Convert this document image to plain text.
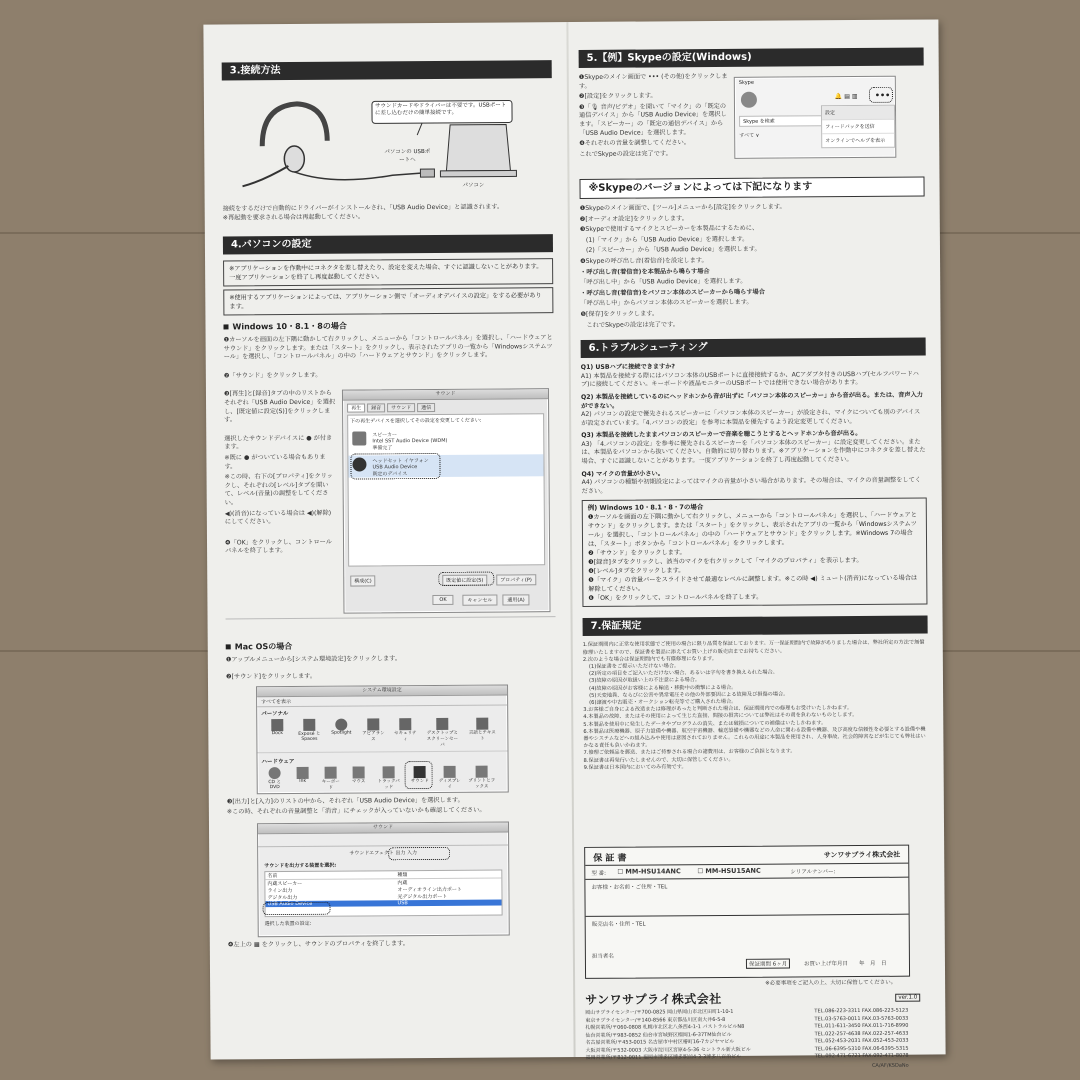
3.接続方法
サウンドカードやドライバーは不要です。USBポートに差し込むだけの簡単接続です。
パソコンの USBポートへ
パソコン
接続をするだけで自動的にドライバーがインストールされ、「USB Audio Device」と認識されます。
※再起動を要求される場合は再起動してください。
4.パソコンの設定
※アプリケーションを作動中にコネクタを差し替えたり、設定を変えた場合、すぐに認識しないことがあります。一度アプリケーションを終了し再度起動してください。
※使用するアプリケーションによっては、アプリケーション側で「オーディオデバイスの設定」をする必要があります。
Windows 10・8.1・8の場合
❶カーソルを画面の左下隅に動かして右クリックし、メニューから「コントロールパネル」を選択し、「ハードウェアとサウンド」をクリックします。または「スタート」をクリックし、表示されたアプリの一覧から「Windowsシステムツール」を選択し、「コントロールパネル」の中の「ハードウェアとサウンド」をクリックします。
❷「サウンド」をクリックします。
❸[再生]と[録音]タブの中のリストからそれぞれ「USB Audio Device」を選択し、[既定値に設定(S)]をクリックします。
選択したサウンドデバイスに ● が付きます。
※既に ● がついている場合もあります。
※この時、右下の[プロパティ]をクリックし、それぞれの[レベル]タブを開いて、レベル(音量)の調整をしてください。
◀)(消音)になっている場合は ◀)(解除)にしてください。
❹「OK」をクリックし、コントロールパネルを終了します。
サウンド
再生	録音	サウンド	通信
下の再生デバイスを選択してその設定を変更してください:
スピーカー
Intel SST Audio Device (WDM)
準備完了
ヘッドセット イヤフォン
USB Audio Device
既定のデバイス
構成(C)	既定値に設定(S)	プロパティ(P)
OK	キャンセル	適用(A)
Mac OSの場合
❶アップルメニューから[システム環境設定]をクリックします。
❷[サウンド]をクリックします。
システム環境設定
すべてを表示
パーソナル
Dock	Exposé と Spaces
Spotlight	アピアランス
セキュリティ
デスクトップとスクリーンセーバ
言語とテキスト
ハードウェア
CD と DVD
Ink	キーボード
マウス	トラックパッド
サウンド	ディスプレイ
プリントとファクス
❸[出力]と[入力]のリストの中から、それぞれ「USB Audio Device」を選択します。
※この時、それぞれの音量調整と「消音」にチェックが入っていないかも確認してください。
サウンド
サウンドエフェクト 出力 入力
サウンドを出力する装置を選択:
名前	種類
内蔵スピーカー	内蔵
ライン出力	オーディオライン出力ポート
デジタル出力	光デジタル出力ポート
USB Audio Device	USB
選択した装置の設定:
❹左上の ▦ をクリックし、サウンドのプロパティを終了します。
5.【例】Skypeの設定(Windows)
❶Skypeのメイン画面で ••• (その他)をクリックします。
❷[設定]をクリックします。
❸「🎙 音声/ビデオ」を開いて「マイク」の「既定の通信デバイス」から「USB Audio Device」を選択します。「スピーカー」の「既定の通信デバイス」から「USB Audio Device」を選択します。
❹それぞれの音量を調整してください。
これでSkypeの設定は完了です。
Skype
🔔 ▤ ▥ •••
Skype を検索
すべて ∨
設定
フィードバックを送信
オンラインでヘルプを表示
※Skypeのバージョンによっては下記になります
❶Skypeのメイン画面で、[ツール]メニューから[設定]をクリックします。
❷[オーディオ設定]をクリックします。
❸Skypeで使用するマイクとスピーカーを本製品にするために、
(1)「マイク」から「USB Audio Device」を選択します。
(2)「スピーカー」から「USB Audio Device」を選択します。
❹Skypeの呼び出し音(着信音)を設定します。
・呼び出し音(着信音)を本製品から鳴らす場合
「呼び出し中」から「USB Audio Device」を選択します。
・呼び出し音(着信音)をパソコン本体のスピーカーから鳴らす場合
「呼び出し中」からパソコン本体のスピーカーを選択します。
❺[保存]をクリックします。
これでSkypeの設定は完了です。
6.トラブルシューティング
Q1) USBハブに接続できますか?
A1) 本製品を接続する際にはパソコン本体のUSBポートに直接接続するか、ACアダプタ付きのUSBハブ(セルフパワードハブ)に接続してください。キーボードや液晶モニターのUSBポートでは使用できない場合があります。
Q2) 本製品を接続しているのにヘッドホンから音が出ずに「パソコン本体のスピーカー」から音が出る。または、音声入力ができない。
A2) パソコンの設定で優先されるスピーカーに「パソコン本体のスピーカー」が設定され、マイクについても別のデバイスが設定されています。「4.パソコンの設定」を参考に本製品を優先するよう設定変更してください。
Q3) 本製品を接続したままパソコンのスピーカーで音楽を聴こうとするとヘッドホンから音が出る。
A3) 「4.パソコンの設定」を参考に優先されるスピーカーを「パソコン本体のスピーカー」に設定変更してください。または、本製品をパソコンから抜いてください。自動的に切り替わります。※アプリケーションを作動中にコネクタを差し替えた場合、すぐに認識しないことがあります。一度アプリケーションを終了し再度起動してください。
Q4) マイクの音量が小さい。
A4) パソコンの種類や初期設定によってはマイクの音量が小さい場合があります。その場合は、マイクの音量調整をしてください。
例) Windows 10・8.1・8・7の場合
❶カーソルを画面の左下隅に動かして右クリックし、メニューから「コントロールパネル」を選択し、「ハードウェアとサウンド」をクリックします。または「スタート」をクリックし、表示されたアプリの一覧から「Windowsシステムツール」を選択し、「コントロールパネル」の中の「ハードウェアとサウンド」をクリックします。※Windows 7の場合は、「スタート」ボタンから「コントロールパネル」をクリックします。
❷「サウンド」をクリックします。
❸[録音]タブをクリックし、該当のマイクを右クリックして「マイクのプロパティ」を表示します。
❹[レベル]タブをクリックします。
❺「マイク」の音量バーをスライドさせて最適なレベルに調整します。※この時 ◀) ミュート(消音)になっている場合は解除してください。
❻「OK」をクリックして、コントロールパネルを終了します。
7.保証規定
1.保証期間内に正常な使用状態でご使用の場合に限り品質を保証しております。万一保証期間内で故障がありました場合は、弊社所定の方法で無償修理いたしますので、保証書を製品に添えてお買い上げの販売店までお持ちください。
2.次のような場合は保証期間内でも有償修理になります。
(1)保証書をご提示いただけない場合。
(2)所定の項目をご記入いただけない場合、あるいは字句を書き換えられた場合。
(3)故障の原因が取扱い上の不注意による場合。
(4)故障の原因がお客様による輸送・移動中の衝撃による場合。
(5)天変地異、ならびに公害や異常電圧その他の外部要因による故障及び損傷の場合。
(6)譲渡や中古販売・オークション転売等でご購入された場合。
3.お客様ご自身による改造または修理があったと判断された場合は、保証期間内での修理もお受けいたしかねます。
4.本製品の故障、またはその使用によって生じた直接、間接の損害については弊社はその責を負わないものとします。
5.本製品を使用中に発生したデータやプログラムの消失、または破損についての補償はいたしかねます。
6.本製品は医療機器、原子力設備や機器、航空宇宙機器、輸送設備や機器などの人命に関わる設備や機器、及び高度な信頼性を必要とする設備や機器やシステムなどへの組み込みや使用は意図されておりません。これらの用途に本製品を使用され、人身事故、社会的障害などが生じても弊社はいかなる責任も負いかねます。
7.修理ご依頼品を郵送、またはご持参される場合の諸費用は、お客様のご負担となります。
8.保証書は再発行いたしませんので、大切に保管してください。
9.保証書は日本国内においてのみ有効です。
保 証 書	サンワサプライ株式会社
型 番: ☐ MM-HSU14ANC	☐ MM-HSU15ANC	シリアルナンバー:
お客様・お名前・ご住所・TEL
販売店名・住所・TEL
担当者名
保証期間 6ヶ月	お買い上げ年月日　　年　月　日
※必要事項をご記入の上、大切に保管してください。
サンワサプライ株式会社	ver.1.0
岡山サプライセンター/〒700-0825 岡山県岡山市北区田町1-10-1	TEL.086-223-3311 FAX.086-223-5123
東京サプライセンター/〒140-8566 東京都品川区南大井6-5-8	TEL.03-5763-0011 FAX.03-5763-0033
札幌営業所/〒060-0808 札幌市北区北八条西4-1-1 パストラルビルN8	TEL.011-611-3450 FAX.011-716-8990
仙台営業所/〒983-0852 仙台市宮城野区榴岡1-6-37TM仙台ビル	TEL.022-257-4638 FAX.022-257-4633
名古屋営業所/〒453-0015 名古屋市中村区椿町16-7カジヤマビル	TEL.052-453-2031 FAX.052-453-2033
大阪営業所/〒532-0003 大阪市淀川区宮原4-5-36 セントラル新大阪ビル	TEL.06-6395-5310 FAX.06-6395-5315
福岡営業所/〒812-0011 福岡市博多区博多駅前4-3-3博多八百治ビル	TEL.092-471-6721 FAX.092-471-8078
CA/AF/KSDaNo
